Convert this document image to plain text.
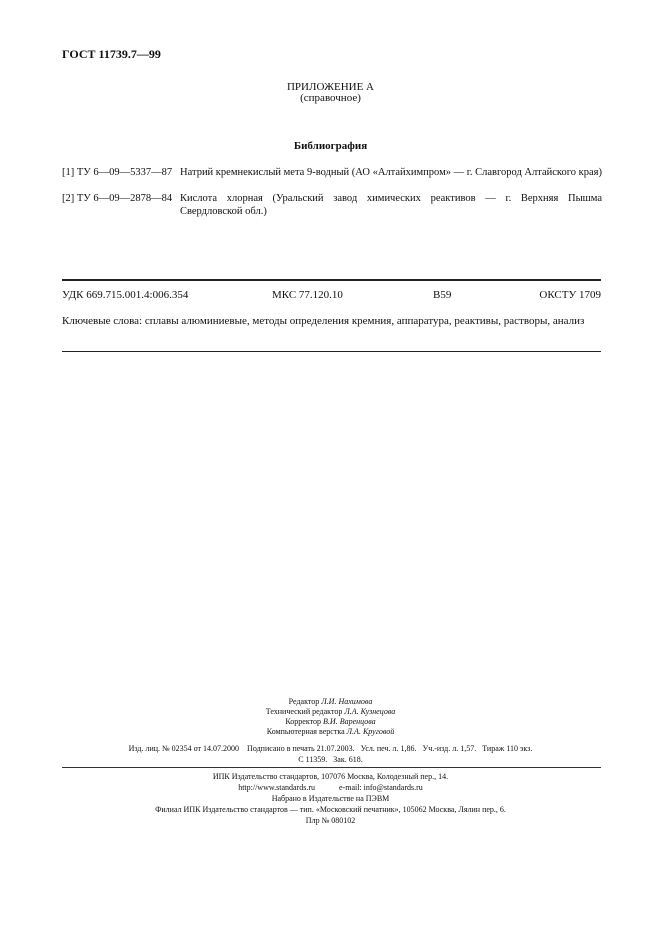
ГОСТ 11739.7—99
ПРИЛОЖЕНИЕ А
(справочное)
Библиография
[1] ТУ 6—09—5337—87 Натрий кремнекислый мета 9-водный (АО «Алтайхимпром» — г. Славгород Алтайского края)
[2] ТУ 6—09—2878—84 Кислота хлорная (Уральский завод химических реактивов — г. Верхняя Пышма Свердловской обл.)
УДК 669.715.001.4:006.354	МКС 77.120.10	В59	ОКСТУ 1709
Ключевые слова: сплавы алюминиевые, методы определения кремния, аппаратура, реактивы, растворы, анализ
Редактор Л.И. Нахимова
Технический редактор Л.А. Кузнецова
Корректор В.И. Варенцова
Компьютерная верстка Л.А. Круговой
Изд. лиц. № 02354 от 14.07.2000    Подписано в печать 21.07.2003.   Усл. печ. л. 1,86.   Уч.-изд. л. 1,57.   Тираж 110 экз.
С 11359.   Зак. 618.
ИПК Издательство стандартов, 107076 Москва, Колодезный пер., 14.
http://www.standards.ru	e-mail: info@standards.ru
Набрано в Издательстве на ПЭВМ
Филиал ИПК Издательство стандартов — тип. «Московский печатник», 105062 Москва, Лялин пер., 6.
Плр № 080102
